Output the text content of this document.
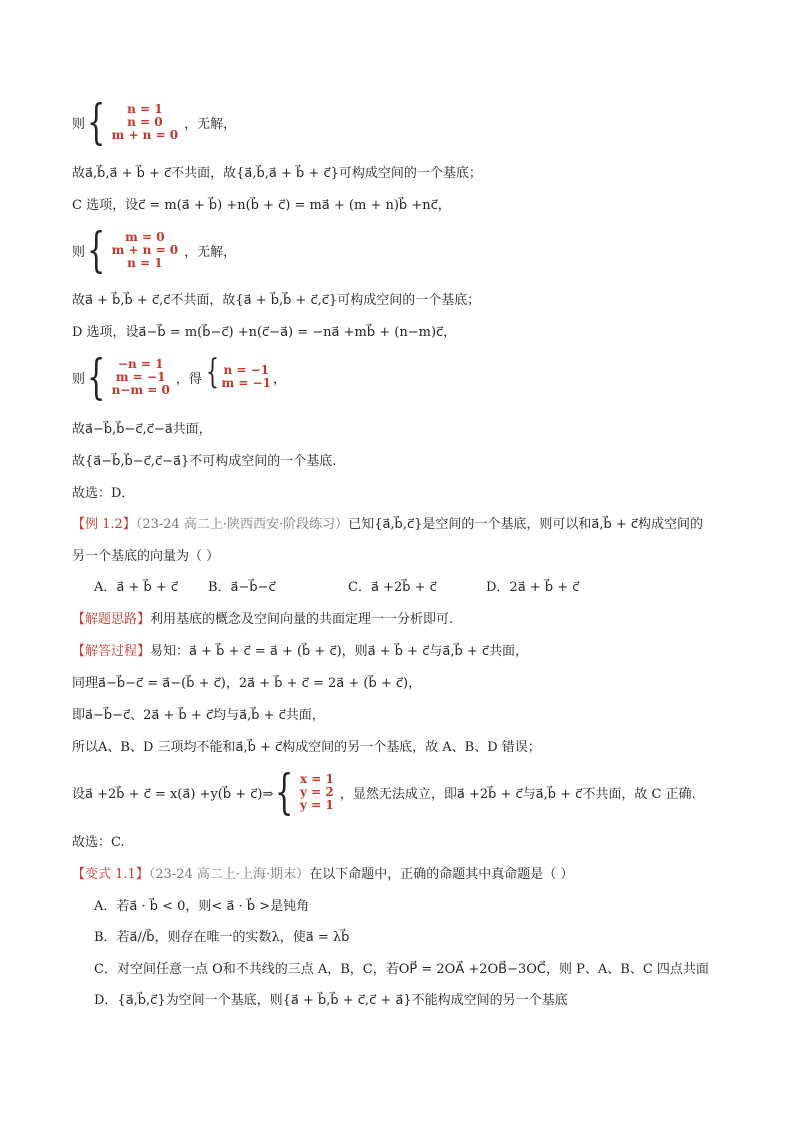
则 {	n = 1
n = 0
m + n = 0
，无解，
故a⃗,b⃗,a⃗ + b⃗ + c⃗不共面，故{a⃗,b⃗,a⃗ + b⃗ + c⃗}可构成空间的一个基底；
C 选项，设c⃗ = m(a⃗ + b⃗) +n(b⃗ + c⃗) = ma⃗ + (m + n)b⃗ +nc⃗，
则 {	m = 0
m + n = 0
n = 1
，无解，
故a⃗ + b⃗,b⃗ + c⃗,c⃗不共面，故{a⃗ + b⃗,b⃗ + c⃗,c⃗}可构成空间的一个基底；
D 选项，设a⃗−b⃗ = m(b⃗−c⃗) +n(c⃗−a⃗) = −na⃗ +mb⃗ + (n−m)c⃗，
则 {	−n = 1
m = −1
n−m = 0
，得 { n = −1
m = −1 ，
故a⃗−b⃗,b⃗−c⃗,c⃗−a⃗共面，
故{a⃗−b⃗,b⃗−c⃗,c⃗−a⃗}不可构成空间的一个基底.
故选：D．
【例 1.2】（23-24 高二上·陕西西安·阶段练习）已知{a⃗,b⃗,c⃗}是空间的一个基底，则可以和a⃗,b⃗ + c⃗构成空间的
另一个基底的向量为（ ）
A．a⃗ + b⃗ + c⃗ B．a⃗−b⃗−c⃗	C．a⃗ +2b⃗ + c⃗	D．2a⃗ + b⃗ + c⃗
【解题思路】利用基底的概念及空间向量的共面定理一一分析即可.
【解答过程】易知：a⃗ + b⃗ + c⃗ = a⃗ + (b⃗ + c⃗)，则a⃗ + b⃗ + c⃗与a⃗,b⃗ + c⃗共面，
同理a⃗−b⃗−c⃗ = a⃗−(b⃗ + c⃗)，2a⃗ + b⃗ + c⃗ = 2a⃗ + (b⃗ + c⃗)，
即a⃗−b⃗−c⃗、2a⃗ + b⃗ + c⃗均与a⃗,b⃗ + c⃗共面，
所以A、B、D 三项均不能和a⃗,b⃗ + c⃗构成空间的另一个基底，故 A、B、D 错误；
设a⃗ +2b⃗ + c⃗ = x(a⃗) +y(b⃗ + c⃗)⇒ { x = 1
y = 2
y = 1
，显然无法成立，即a⃗ +2b⃗ + c⃗与a⃗,b⃗ + c⃗不共面，故 C 正确.
故选：C.
【变式 1.1】（23-24 高二上·上海·期末）在以下命题中，正确的命题其中真命题是（ ）
A．若a⃗ · b⃗ < 0，则< a⃗ · b⃗ >是钝角
B．若a⃗//b⃗，则存在唯一的实数λ，使a⃗ = λb⃗
C．对空间任意一点 O和不共线的三点 A，B，C，若OP⃗ = 2OA⃗ +2OB⃗−3OC⃗，则 P、A、B、C 四点共面
D．{a⃗,b⃗,c⃗}为空间一个基底，则{a⃗ + b⃗,b⃗ + c⃗,c⃗ + a⃗}不能构成空间的另一个基底
